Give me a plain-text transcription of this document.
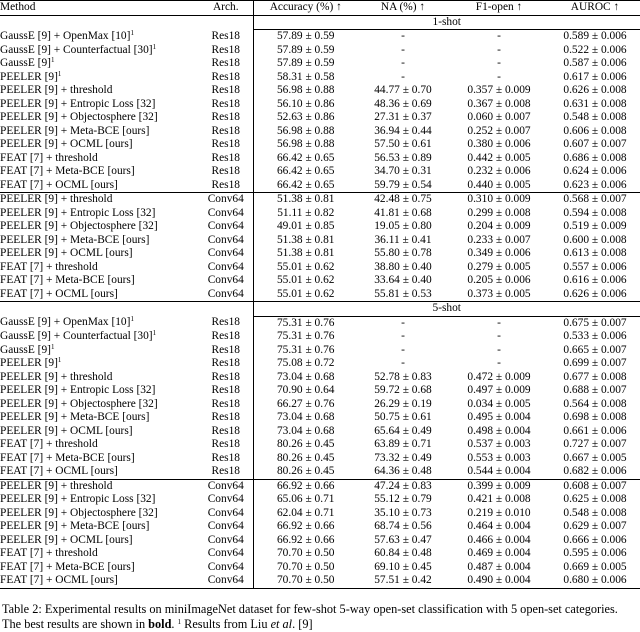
Method	Arch.	Accuracy (%) ↑	NA (%) ↑	F1-open ↑	AUROC ↑
		1-shot			
GaussE [9] + OpenMax $[10]^1$	Res18	57.89 ± 0.59	-	-	0.589 ± 0.006
GaussE [9] + Counterfactual $[30]^1$	Res18	57.89 ± 0.59	-	-	0.522 ± 0.006
GaussE $[9]^1$	Res18	57.89 ± 0.59	-	-	0.587 ± 0.006
PEELER $[9]^1$	Res18	58.31 ± 0.58	-	-	0.617 ± 0.006
PEELER [9] + threshold	Res18	56.98 ± 0.88	44.77 ± 0.70	0.357 ± 0.009	0.626 ± 0.008
PEELER [9] + Entropic Loss [32]	Res18	56.10 ± 0.86	48.36 ± 0.69	0.367 ± 0.008	0.631 ± 0.008
PEELER [9] + Objectosphere [32]	Res18	52.63 ± 0.86	27.31 ± 0.37	0.060 ± 0.007	0.548 ± 0.008
PEELER [9] + Meta-BCE [ours]	Res18	56.98 ± 0.88	36.94 ± 0.44	0.252 ± 0.007	0.606 ± 0.008
PEELER [9] + OCML [ours]	Res18	56.98 ± 0.88	57.50 ± 0.61	0.380 ± 0.006	0.607 ± 0.007
FEAT [7] + threshold	Res18	66.42 ± 0.65	56.53 ± 0.89	0.442 ± 0.005	0.686 ± 0.008
FEAT [7] + Meta-BCE [ours]	Res18	66.42 ± 0.65	34.70 ± 0.31	0.232 ± 0.006	0.624 ± 0.006
FEAT [7] + OCML [ours]	Res18	66.42 ± 0.65	59.79 ± 0.54	0.440 ± 0.005	0.623 ± 0.006
PEELER [9] + threshold	Conv64	51.38 ± 0.81	42.48 ± 0.75	0.310 ± 0.009	0.568 ± 0.007
PEELER [9] + Entropic Loss [32]	Conv64	51.11 ± 0.82	41.81 ± 0.68	0.299 ± 0.008	0.594 ± 0.008
PEELER [9] + Objectosphere [32]	Conv64	49.01 ± 0.85	19.05 ± 0.80	0.204 ± 0.009	0.519 ± 0.009
PEELER [9] + Meta-BCE [ours]	Conv64	51.38 ± 0.81	36.11 ± 0.41	0.233 ± 0.007	0.600 ± 0.008
PEELER [9] + OCML [ours]	Conv64	51.38 ± 0.81	55.80 ± 0.78	0.349 ± 0.006	0.613 ± 0.008
FEAT [7] + threshold	Conv64	55.01 ± 0.62	38.80 ± 0.40	0.279 ± 0.005	0.557 ± 0.006
FEAT [7] + Meta-BCE [ours]	Conv64	55.01 ± 0.62	33.64 ± 0.40	0.205 ± 0.006	0.616 ± 0.006
FEAT [7] + OCML [ours]	Conv64	55.01 ± 0.62	55.81 ± 0.53	0.373 ± 0.005	0.626 ± 0.006
		5-shot			
GaussE [9] + OpenMax $[10]^1$	Res18	75.31 ± 0.76	-	-	0.675 ± 0.007
GaussE [9] + Counterfactual $[30]^1$	Res18	75.31 ± 0.76	-	-	0.533 ± 0.006
GaussE $[9]^1$	Res18	75.31 ± 0.76	-	-	0.665 ± 0.007
PEELER $[9]^1$	Res18	75.08 ± 0.72	-	-	0.699 ± 0.007
PEELER [9] + threshold	Res18	73.04 ± 0.68	52.78 ± 0.83	0.472 ± 0.009	0.677 ± 0.008
PEELER [9] + Entropic Loss [32]	Res18	70.90 ± 0.64	59.72 ± 0.68	0.497 ± 0.009	0.688 ± 0.007
PEELER [9] + Objectosphere [32]	Res18	66.27 ± 0.76	26.29 ± 0.19	0.034 ± 0.005	0.564 ± 0.008
PEELER [9] + Meta-BCE [ours]	Res18	73.04 ± 0.68	50.75 ± 0.61	0.495 ± 0.004	0.698 ± 0.008
PEELER [9] + OCML [ours]	Res18	73.04 ± 0.68	65.64 ± 0.49	0.498 ± 0.004	0.661 ± 0.006
FEAT [7] + threshold	Res18	80.26 ± 0.45	63.89 ± 0.71	0.537 ± 0.003	0.727 ± 0.007
FEAT [7] + Meta-BCE [ours]	Res18	80.26 ± 0.45	73.32 ± 0.49	0.553 ± 0.003	0.667 ± 0.005
FEAT [7] + OCML [ours]	Res18	80.26 ± 0.45	64.36 ± 0.48	0.544 ± 0.004	0.682 ± 0.006
PEELER [9] + threshold	Conv64	66.92 ± 0.66	47.24 ± 0.83	0.399 ± 0.009	0.608 ± 0.007
PEELER [9] + Entropic Loss [32]	Conv64	65.06 ± 0.71	55.12 ± 0.79	0.421 ± 0.008	0.625 ± 0.008
PEELER [9] + Objectosphere [32]	Conv64	62.04 ± 0.71	35.10 ± 0.73	0.219 ± 0.010	0.548 ± 0.008
PEELER [9] + Meta-BCE [ours]	Conv64	66.92 ± 0.66	68.74 ± 0.56	0.464 ± 0.004	0.629 ± 0.007
PEELER [9] + OCML [ours]	Conv64	66.92 ± 0.66	57.63 ± 0.47	0.466 ± 0.004	0.666 ± 0.006
FEAT [7] + threshold	Conv64	70.70 ± 0.50	60.84 ± 0.48	0.469 ± 0.004	0.595 ± 0.006
FEAT [7] + Meta-BCE [ours]	Conv64	70.70 ± 0.50	69.10 ± 0.45	0.487 ± 0.004	0.669 ± 0.005
FEAT [7] + OCML [ours]	Conv64	70.70 ± 0.50	57.51 ± 0.42	0.490 ± 0.004	0.680 ± 0.006
Table 2: Experimental results on miniImageNet dataset for few-shot 5-way open-set classification with 5 open-set categories. The best results are shown in bold. $^1$ Results from Liu et al. [9]
